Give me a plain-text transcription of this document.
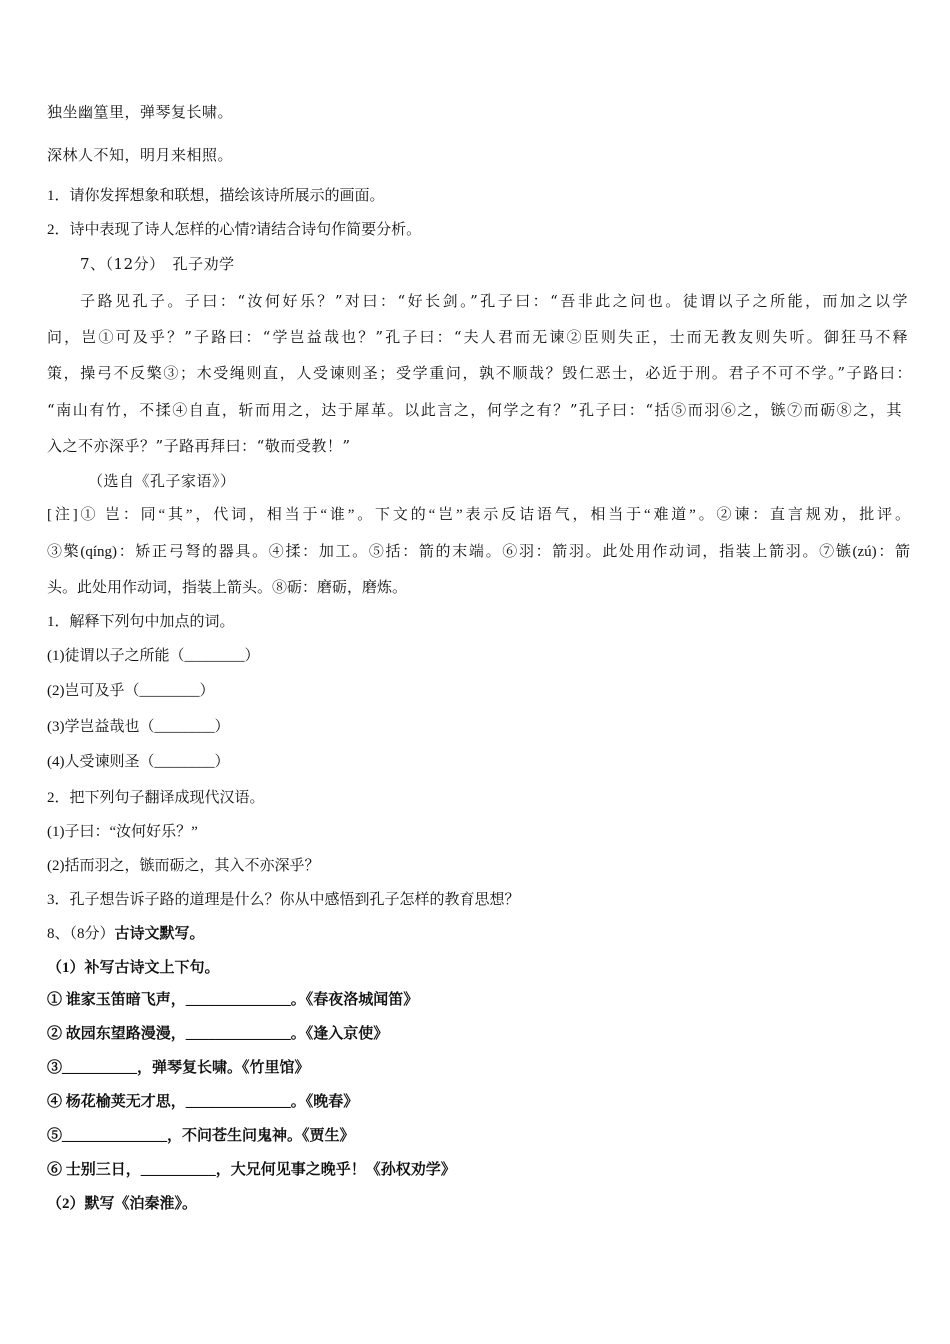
独坐幽篁里，弹琴复长啸。
深林人不知，明月来相照。
1．请你发挥想象和联想，描绘该诗所展示的画面。
2．诗中表现了诗人怎样的心情?请结合诗句作简要分析。
7、（12分）　孔子劝学
子路见孔子。子曰：“汝何好乐？”对曰：“好长剑。”孔子曰：“吾非此之问也。徒谓以子之所能，而加之以学
问，岂①可及乎？”子路曰：“学岂益哉也？”孔子曰：“夫人君而无谏②臣则失正，士而无教友则失听。御狂马不释
策，操弓不反檠③；木受绳则直，人受谏则圣；受学重问，孰不顺哉？毁仁恶士，必近于刑。君子不可不学。”子路曰：
“南山有竹，不揉④自直，斩而用之，达于犀革。以此言之，何学之有？”孔子曰：“括⑤而羽⑥之，镞⑦而砺⑧之，其
入之不亦深乎？”子路再拜曰：“敬而受教！”
（选自《孔子家语》）
[注]① 岂：同“其”，代词，相当于“谁”。下文的“岂”表示反诘语气，相当于“难道”。②谏：直言规劝，批评。
③檠(qíng)：矫正弓弩的器具。④揉：加工。⑤括：箭的末端。⑥羽：箭羽。此处用作动词，指装上箭羽。⑦镞(zú)：箭
头。此处用作动词，指装上箭头。⑧砺：磨砺，磨炼。
1．解释下列句中加点的词。
(1)徒谓以子之所能（________）
(2)岂可及乎（________）
(3)学岂益哉也（________）
(4)人受谏则圣（________）
2．把下列句子翻译成现代汉语。
(1)子曰：“汝何好乐？”
(2)括而羽之，镞而砺之，其入不亦深乎？
3．孔子想告诉子路的道理是什么？你从中感悟到孔子怎样的教育思想？
8、（8分）古诗文默写。
（1）补写古诗文上下句。
① 谁家玉笛暗飞声，______________。《春夜洛城闻笛》
② 故园东望路漫漫，______________。《逢入京使》
③__________，弹琴复长啸。《竹里馆》
④ 杨花榆荚无才思，______________。《晚春》
⑤______________，不问苍生问鬼神。《贾生》
⑥ 士别三日，__________，大兄何见事之晚乎！《孙权劝学》
（2）默写《泊秦淮》。
